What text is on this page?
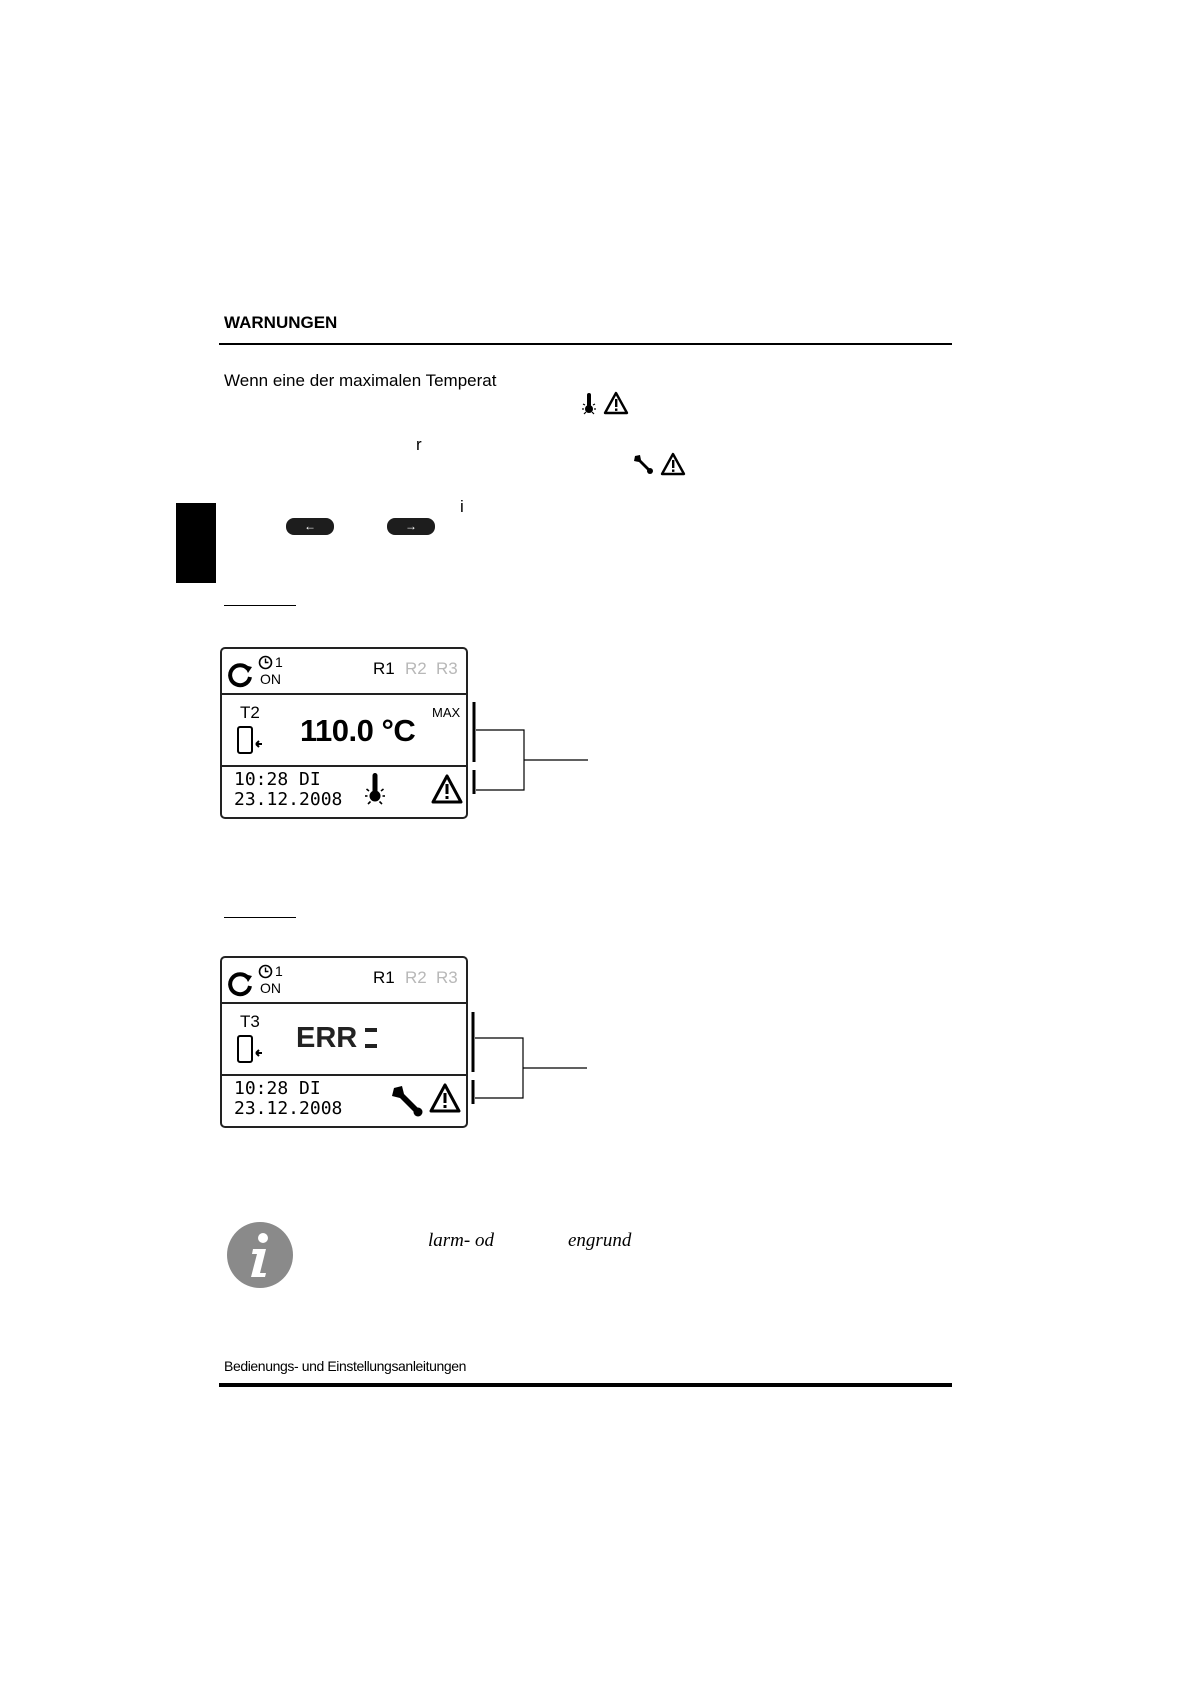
WARNUNGEN
Wenn eine der maximalen Temperat
r
i
←	→
1
ON
R1 R2 R3
T2
110.0 °C
MAX
10:28 DI
23.12.2008
1
ON
R1 R2 R3
T3
ERR
10:28 DI
23.12.2008
larm- od	engrund
Bedienungs- und Einstellungsanleitungen
